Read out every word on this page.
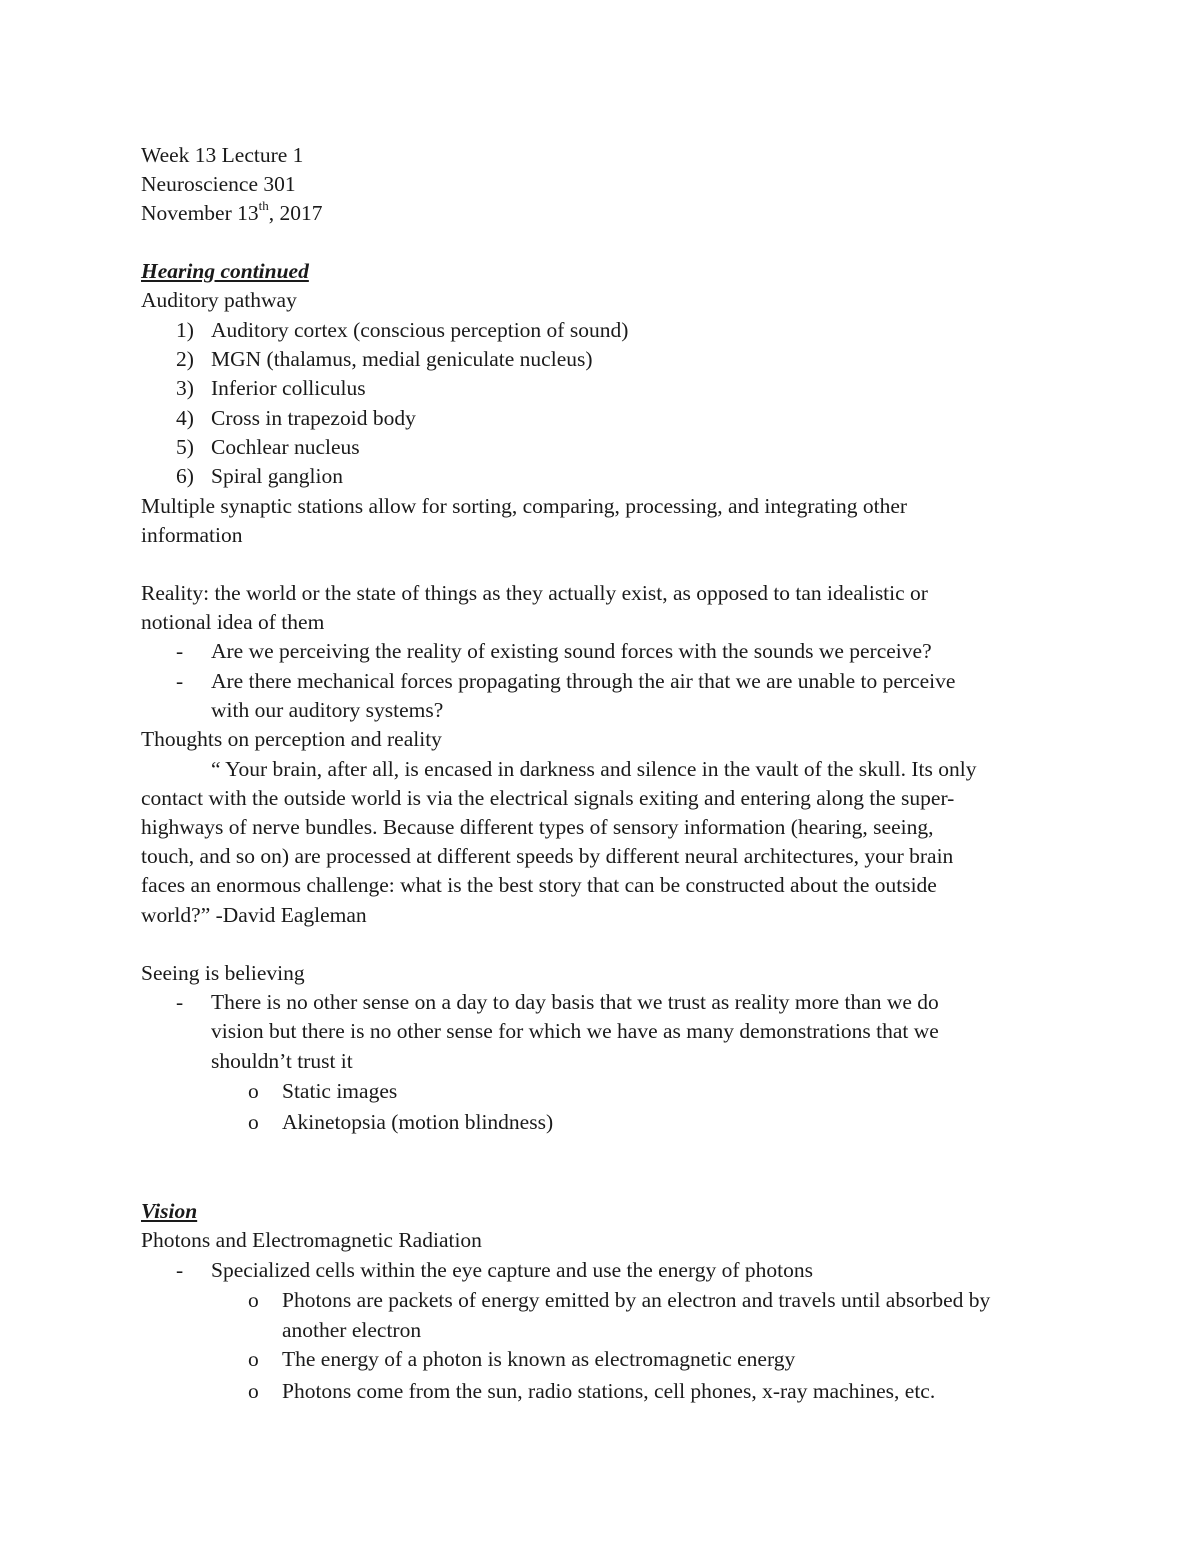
Week 13 Lecture 1
Neuroscience 301
November 13th, 2017
Hearing continued
Auditory pathway
1) Auditory cortex (conscious perception of sound)
2) MGN (thalamus, medial geniculate nucleus)
3) Inferior colliculus
4) Cross in trapezoid body
5) Cochlear nucleus
6) Spiral ganglion
Multiple synaptic stations allow for sorting, comparing, processing, and integrating other
information
Reality: the world or the state of things as they actually exist, as opposed to tan idealistic or
notional idea of them
- Are we perceiving the reality of existing sound forces with the sounds we perceive?
- Are there mechanical forces propagating through the air that we are unable to perceive
with our auditory systems?
Thoughts on perception and reality
“ Your brain, after all, is encased in darkness and silence in the vault of the skull. Its only
contact with the outside world is via the electrical signals exiting and entering along the super-
highways of nerve bundles. Because different types of sensory information (hearing, seeing,
touch, and so on) are processed at different speeds by different neural architectures, your brain
faces an enormous challenge: what is the best story that can be constructed about the outside
world?” -David Eagleman
Seeing is believing
- There is no other sense on a day to day basis that we trust as reality more than we do
vision but there is no other sense for which we have as many demonstrations that we
shouldn’t trust it
o Static images
o Akinetopsia (motion blindness)
Vision
Photons and Electromagnetic Radiation
- Specialized cells within the eye capture and use the energy of photons
o Photons are packets of energy emitted by an electron and travels until absorbed by
another electron
o The energy of a photon is known as electromagnetic energy
o Photons come from the sun, radio stations, cell phones, x-ray machines, etc.
